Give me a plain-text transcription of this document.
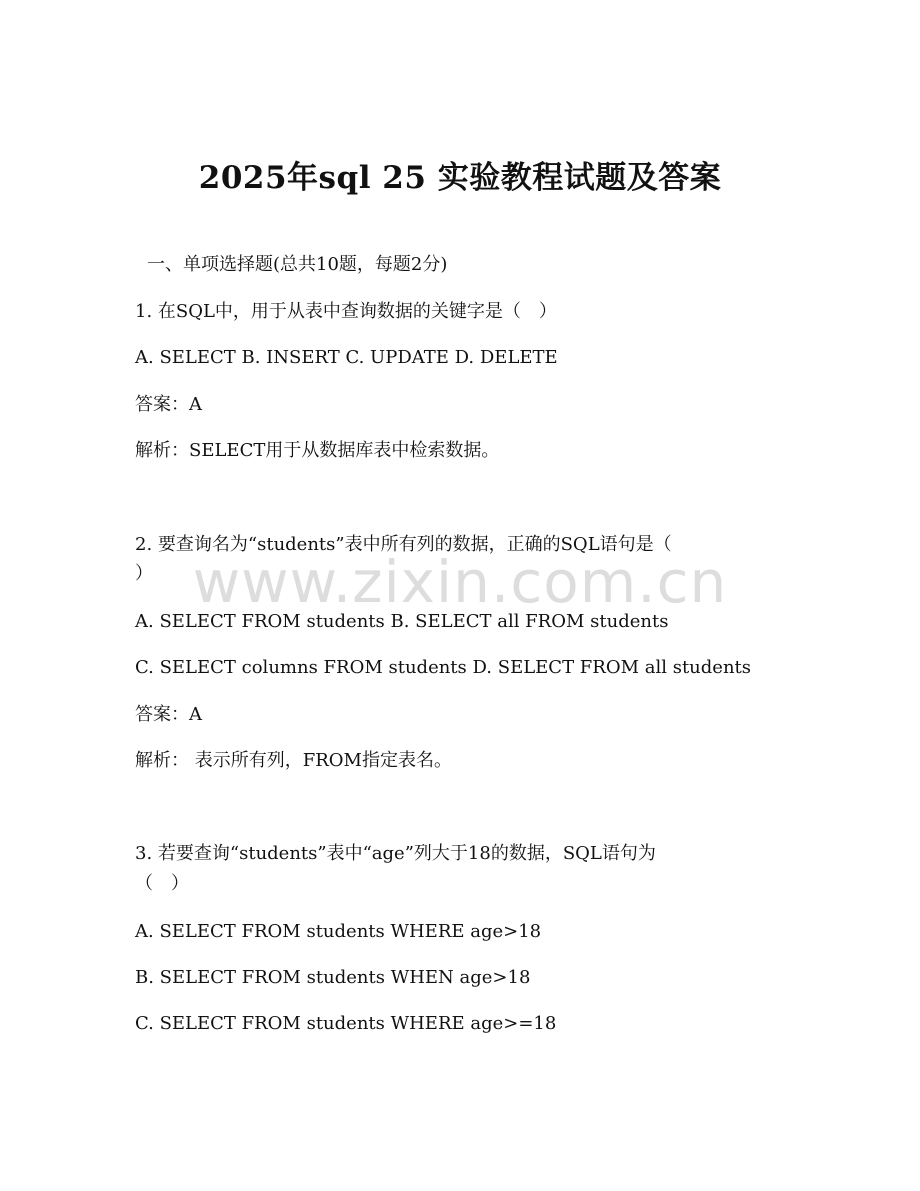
2025年sql 25 实验教程试题及答案
一、单项选择题(总共10题，每题2分)
1. 在SQL中，用于从表中查询数据的关键字是（　）
A. SELECT B. INSERT C. UPDATE D. DELETE
答案：A
解析：SELECT用于从数据库表中检索数据。
2. 要查询名为“students”表中所有列的数据，正确的SQL语句是（
）
A. SELECT FROM students B. SELECT all FROM students
C. SELECT columns FROM students D. SELECT FROM all students
答案：A
解析： 表示所有列，FROM指定表名。
3. 若要查询“students”表中“age”列大于18的数据，SQL语句为
（　）
A. SELECT FROM students WHERE age>18
B. SELECT FROM students WHEN age>18
C. SELECT FROM students WHERE age>=18
www.zixin.com.cn
